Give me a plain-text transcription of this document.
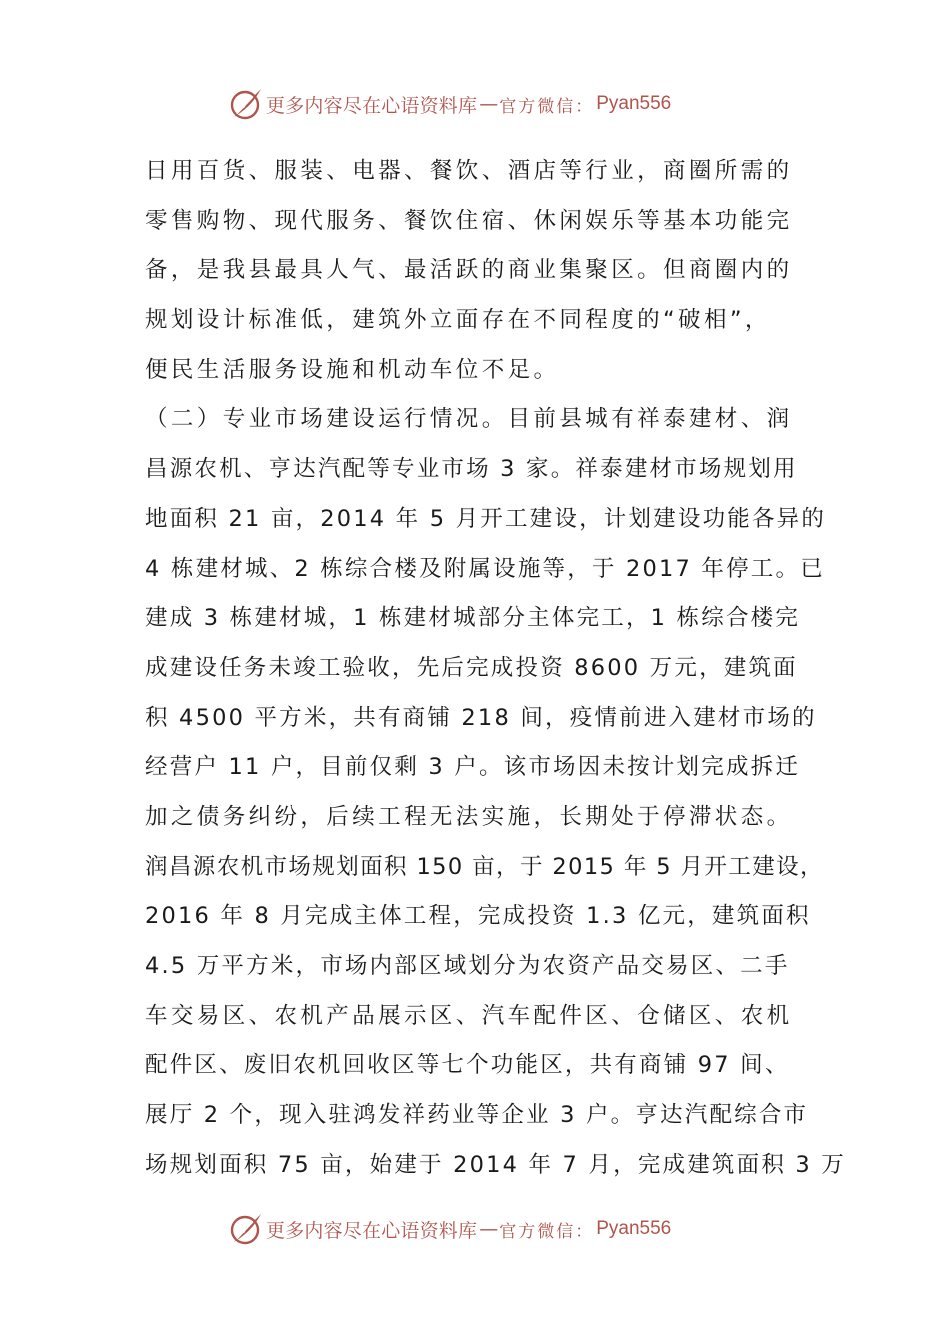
更多内容尽在心语资料库 — 官方微信： Pyan556
日用百货、服装、电器、餐饮、酒店等行业，商圈所需的
零售购物、现代服务、餐饮住宿、休闲娱乐等基本功能完
备，是我县最具人气、最活跃的商业集聚区。但商圈内的
规划设计标准低，建筑外立面存在不同程度的“破相”，
便民生活服务设施和机动车位不足。
（二）专业市场建设运行情况。目前县城有祥泰建材、润
昌源农机、亨达汽配等专业市场 3 家。祥泰建材市场规划用
地面积 21 亩，2014 年 5 月开工建设，计划建设功能各异的
4 栋建材城、2 栋综合楼及附属设施等，于 2017 年停工。已
建成 3 栋建材城，1 栋建材城部分主体完工，1 栋综合楼完
成建设任务未竣工验收，先后完成投资 8600 万元，建筑面
积 4500 平方米，共有商铺 218 间，疫情前进入建材市场的
经营户 11 户，目前仅剩 3 户。该市场因未按计划完成拆迁
加之债务纠纷，后续工程无法实施，长期处于停滞状态。
润昌源农机市场规划面积 150 亩，于 2015 年 5 月开工建设，
2016 年 8 月完成主体工程，完成投资 1.3 亿元，建筑面积
4.5 万平方米，市场内部区域划分为农资产品交易区、二手
车交易区、农机产品展示区、汽车配件区、仓储区、农机
配件区、废旧农机回收区等七个功能区，共有商铺 97 间、
展厅 2 个，现入驻鸿发祥药业等企业 3 户。亨达汽配综合市
场规划面积 75 亩，始建于 2014 年 7 月，完成建筑面积 3 万
更多内容尽在心语资料库 — 官方微信： Pyan556
